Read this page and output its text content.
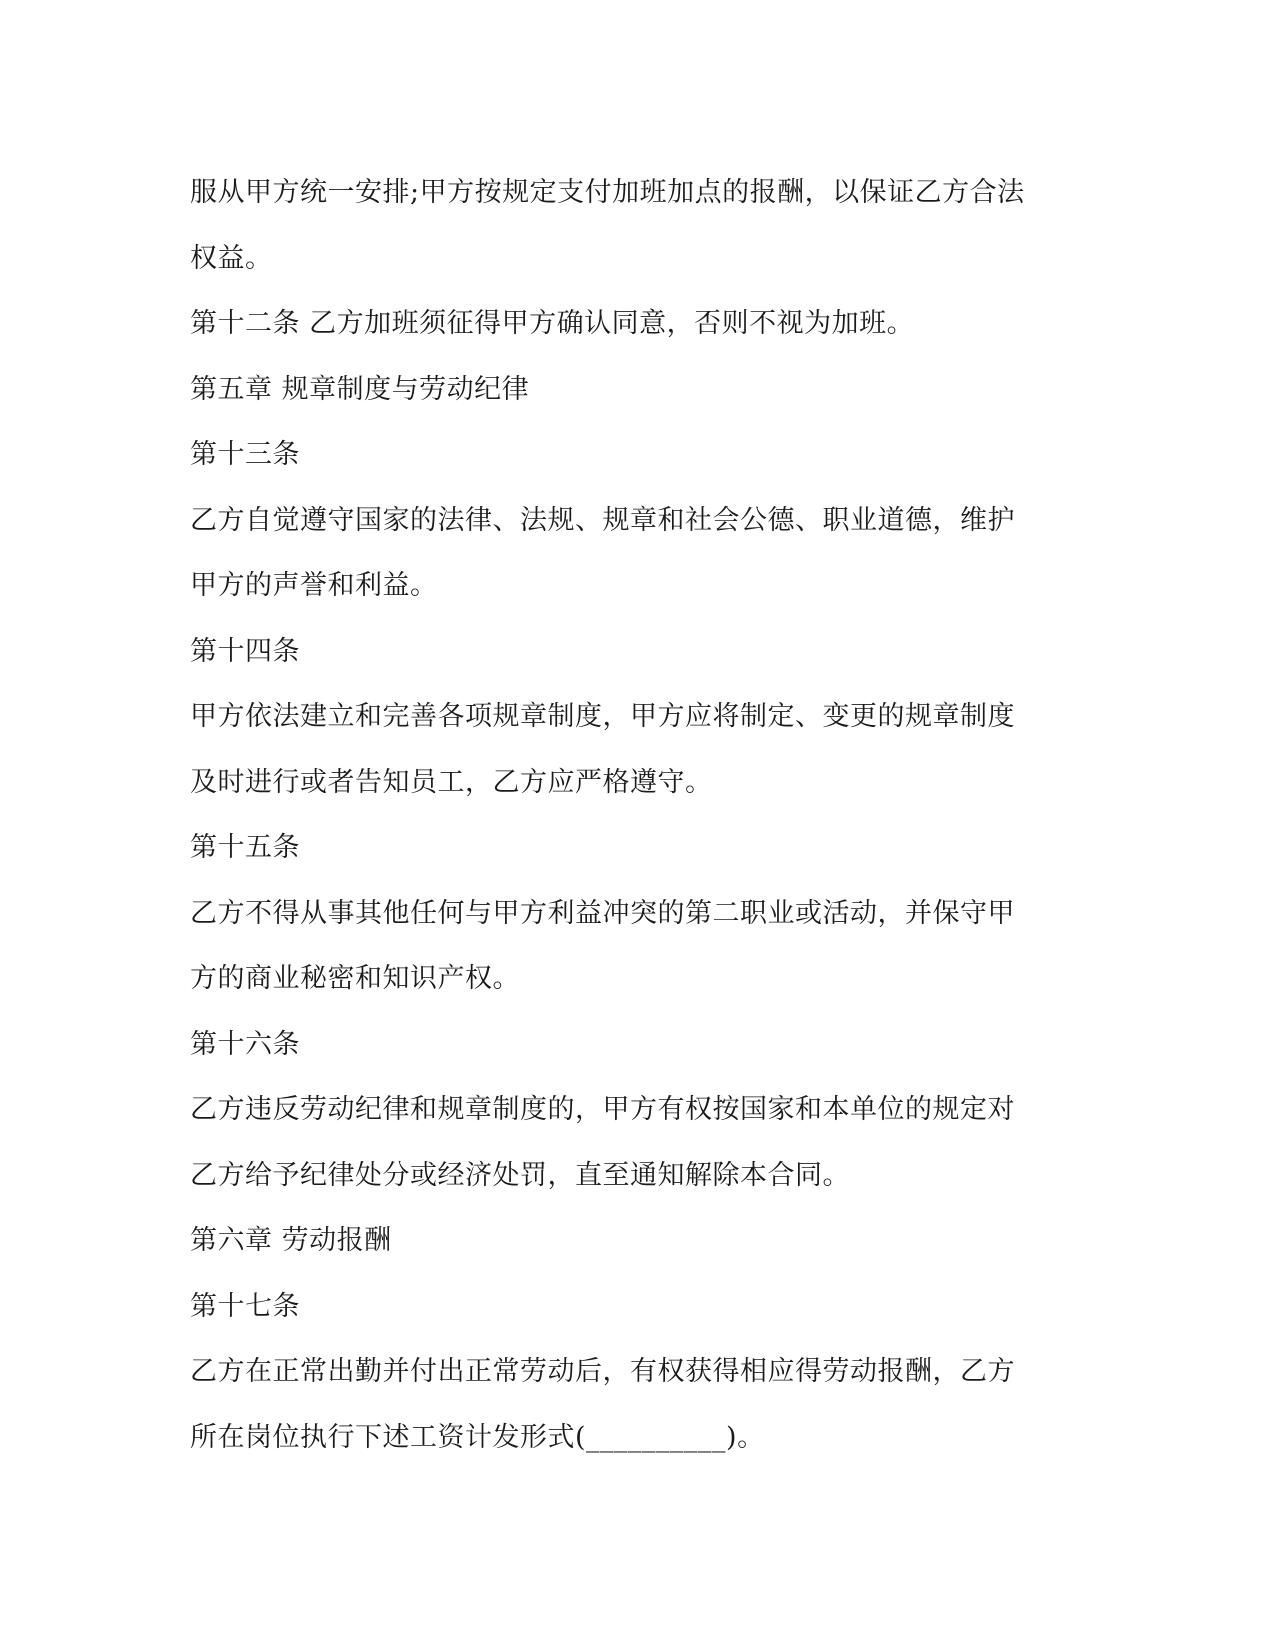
服从甲方统一安排;甲方按规定支付加班加点的报酬，以保证乙方合法
权益。
第十二条 乙方加班须征得甲方确认同意，否则不视为加班。
第五章 规章制度与劳动纪律
第十三条
乙方自觉遵守国家的法律、法规、规章和社会公德、职业道德，维护
甲方的声誉和利益。
第十四条
甲方依法建立和完善各项规章制度，甲方应将制定、变更的规章制度
及时进行或者告知员工，乙方应严格遵守。
第十五条
乙方不得从事其他任何与甲方利益冲突的第二职业或活动，并保守甲
方的商业秘密和知识产权。
第十六条
乙方违反劳动纪律和规章制度的，甲方有权按国家和本单位的规定对
乙方给予纪律处分或经济处罚，直至通知解除本合同。
第六章 劳动报酬
第十七条
乙方在正常出勤并付出正常劳动后，有权获得相应得劳动报酬，乙方
所在岗位执行下述工资计发形式(__________)。
